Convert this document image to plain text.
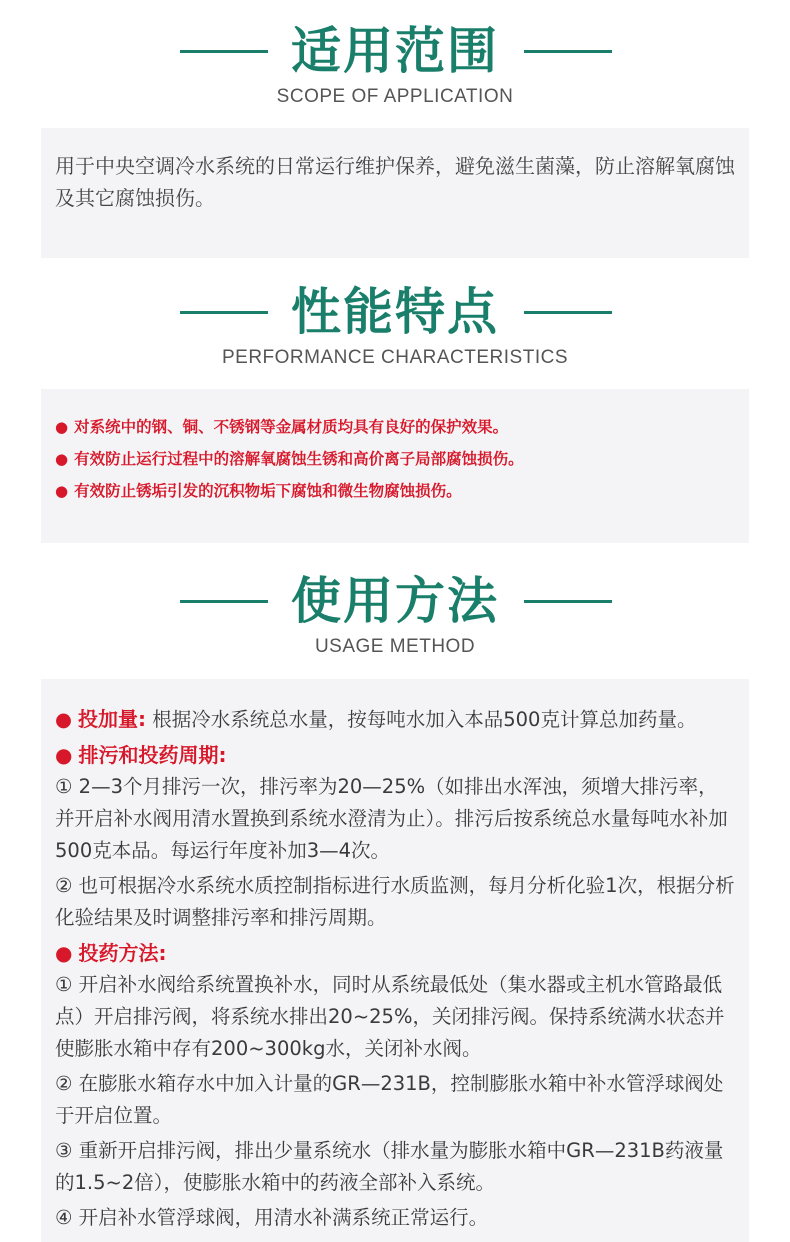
适用范围
SCOPE OF APPLICATION
用于中央空调冷水系统的日常运行维护保养，避免滋生菌藻，防止溶解氧腐蚀及其它腐蚀损伤。
性能特点
PERFORMANCE CHARACTERISTICS
● 对系统中的钢、铜、不锈钢等金属材质均具有良好的保护效果。
● 有效防止运行过程中的溶解氧腐蚀生锈和高价离子局部腐蚀损伤。
● 有效防止锈垢引发的沉积物垢下腐蚀和微生物腐蚀损伤。
使用方法
USAGE METHOD
● 投加量: 根据冷水系统总水量，按每吨水加入本品500克计算总加药量。
● 排污和投药周期:
① 2—3个月排污一次，排污率为20—25%（如排出水浑浊，须增大排污率，并开启补水阀用清水置换到系统水澄清为止）。排污后按系统总水量每吨水补加500克本品。每运行年度补加3—4次。
② 也可根据冷水系统水质控制指标进行水质监测，每月分析化验1次，根据分析化验结果及时调整排污率和排污周期。
● 投药方法:
① 开启补水阀给系统置换补水，同时从系统最低处（集水器或主机水管路最低点）开启排污阀，将系统水排出20~25%，关闭排污阀。保持系统满水状态并使膨胀水箱中存有200~300kg水，关闭补水阀。
② 在膨胀水箱存水中加入计量的GR—231B，控制膨胀水箱中补水管浮球阀处于开启位置。
③ 重新开启排污阀，排出少量系统水（排水量为膨胀水箱中GR—231B药液量的1.5~2倍），使膨胀水箱中的药液全部补入系统。
④ 开启补水管浮球阀，用清水补满系统正常运行。
